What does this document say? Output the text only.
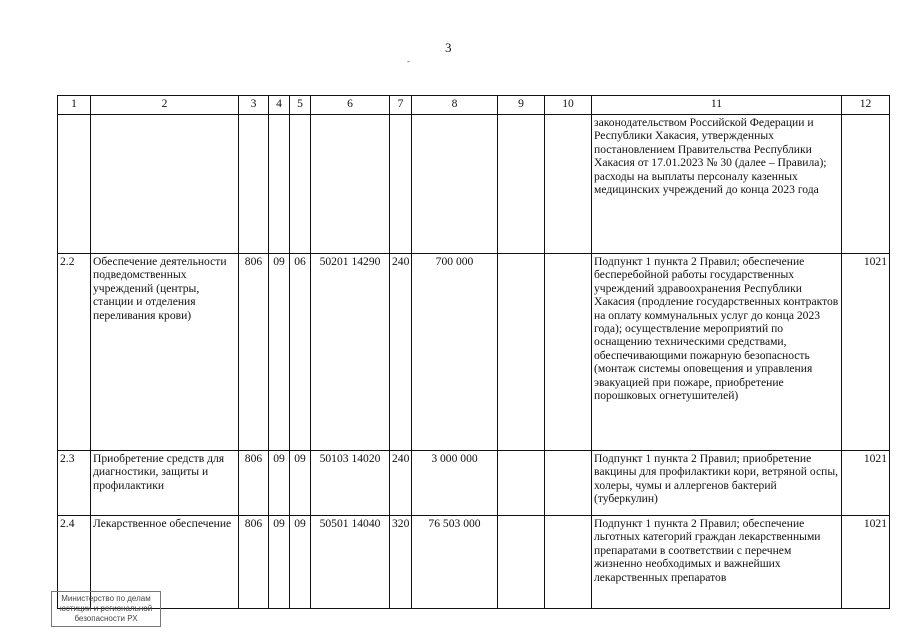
3
-
1	2	3	4	5	6	7	8	9	10	11	12
										законодательством Российской Федерации и Республики Хакасия, утвержденных постановлением Правительства Республики Хакасия от 17.01.2023 № 30 (далее – Правила); расходы на выплаты персоналу казенных медицинских учреждений до конца 2023 года	
2.2	Обеспечение деятельности подведомственных учреждений (центры, станции и отделения переливания крови)	806	09	06	50201 14290	240	700 000			Подпункт 1 пункта 2 Правил; обеспечение бесперебойной работы государственных учреждений здравоохранения Республики Хакасия (продление государственных контрактов на оплату коммунальных услуг до конца 2023 года); осуществление мероприятий по оснащению техническими средствами, обеспечивающими пожарную безопасность (монтаж системы оповещения и управления эвакуацией при пожаре, приобретение порошковых огнетушителей)	1021
2.3	Приобретение средств для диагностики, защиты и профилактики	806	09	09	50103 14020	240	3 000 000			Подпункт 1 пункта 2 Правил; приобретение вакцины для профилактики кори, ветряной оспы, холеры, чумы и аллергенов бактерий (туберкулин)	1021
2.4	Лекарственное обеспечение	806	09	09	50501 14040	320	76 503 000			Подпункт 1 пункта 2 Правил; обеспечение льготных категорий граждан лекарственными препаратами в соответствии с перечнем жизненно необходимых и важнейших лекарственных препаратов	1021
Министерство по делам
юстиции и региональной
безопасности РХ
